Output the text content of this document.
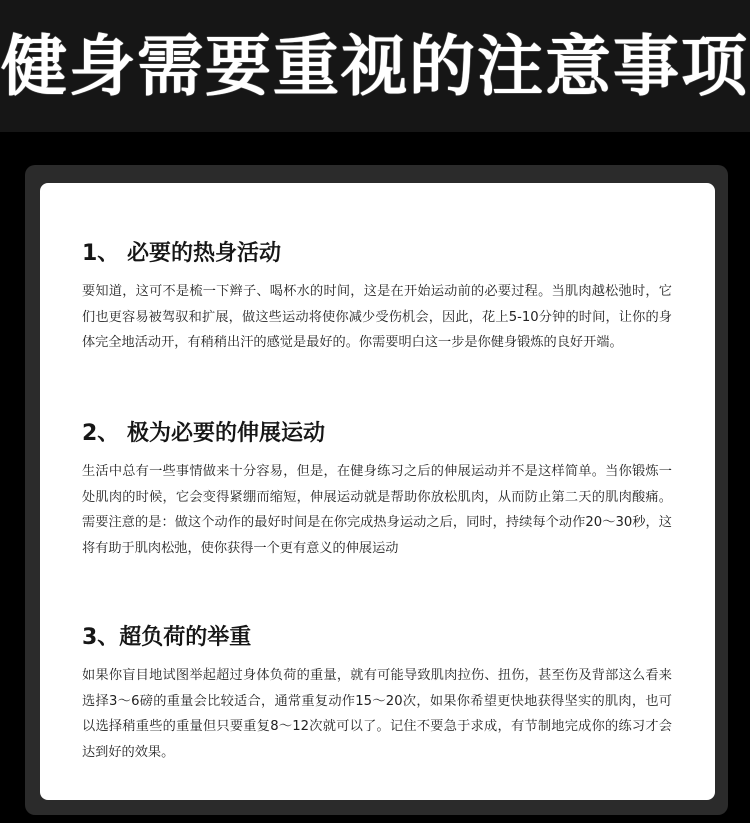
健身需要重视的注意事项
1、 必要的热身活动

要知道，这可不是梳一下辫子、喝杯水的时间，这是在开始运动前的必要过程。当肌肉越松弛时，它们也更容易被驾驭和扩展，做这些运动将使你减少受伤机会，因此，花上5-10分钟的时间，让你的身体完全地活动开，有稍稍出汗的感觉是最好的。你需要明白这一步是你健身锻炼的良好开端。

2、 极为必要的伸展运动

生活中总有一些事情做来十分容易，但是，在健身练习之后的伸展运动并不是这样简单。当你锻炼一处肌肉的时候，它会变得紧绷而缩短，伸展运动就是帮助你放松肌肉，从而防止第二天的肌肉酸痛。需要注意的是：做这个动作的最好时间是在你完成热身运动之后，同时，持续每个动作20～30秒，这将有助于肌肉松弛，使你获得一个更有意义的伸展运动

3、超负荷的举重

如果你盲目地试图举起超过身体负荷的重量，就有可能导致肌肉拉伤、扭伤，甚至伤及背部这么看来选择3～6磅的重量会比较适合，通常重复动作15～20次，如果你希望更快地获得坚实的肌肉，也可以选择稍重些的重量但只要重复8～12次就可以了。记住不要急于求成，有节制地完成你的练习才会达到好的效果。
